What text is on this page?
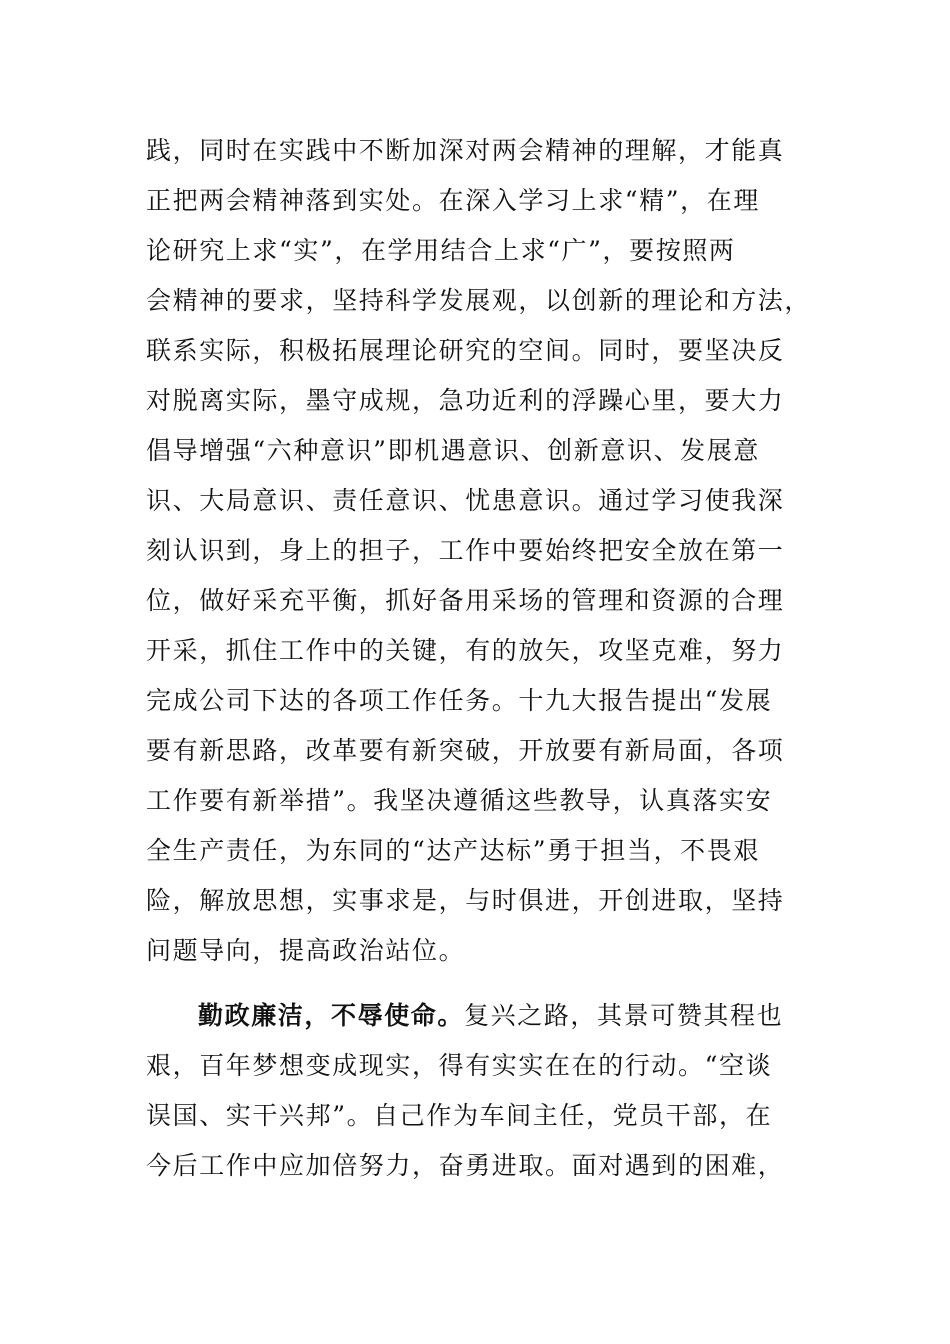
践，同时在实践中不断加深对两会精神的理解，才能真
正把两会精神落到实处。在深入学习上求“精”，在理
论研究上求“实”，在学用结合上求“广”，要按照两
会精神的要求，坚持科学发展观，以创新的理论和方法，
联系实际，积极拓展理论研究的空间。同时，要坚决反
对脱离实际，墨守成规，急功近利的浮躁心里，要大力
倡导增强“六种意识”即机遇意识、创新意识、发展意
识、大局意识、责任意识、忧患意识。通过学习使我深
刻认识到，身上的担子，工作中要始终把安全放在第一
位，做好采充平衡，抓好备用采场的管理和资源的合理
开采，抓住工作中的关键，有的放矢，攻坚克难，努力
完成公司下达的各项工作任务。十九大报告提出“发展
要有新思路，改革要有新突破，开放要有新局面，各项
工作要有新举措”。我坚决遵循这些教导，认真落实安
全生产责任，为东同的“达产达标”勇于担当，不畏艰
险，解放思想，实事求是，与时俱进，开创进取，坚持
问题导向，提高政治站位。
勤政廉洁，不辱使命。复兴之路，其景可赞其程也
艰，百年梦想变成现实，得有实实在在的行动。“空谈
误国、实干兴邦”。自己作为车间主任，党员干部，在
今后工作中应加倍努力，奋勇进取。面对遇到的困难，
